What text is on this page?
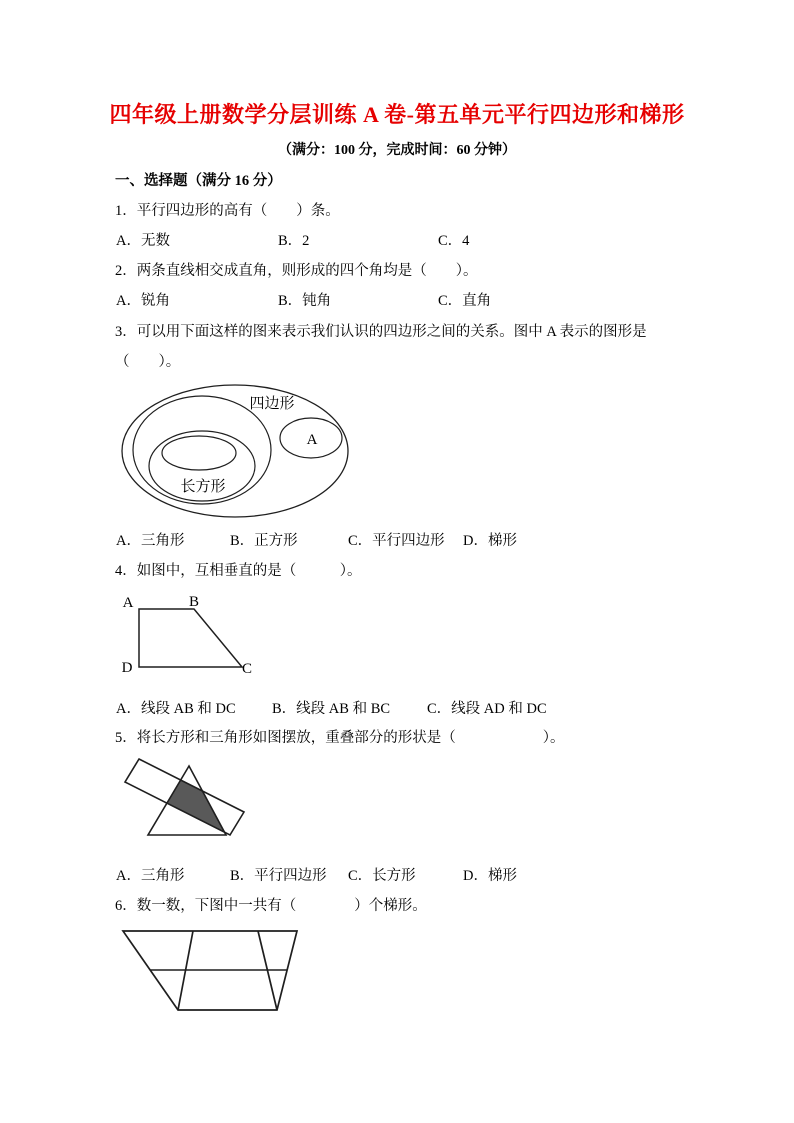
四年级上册数学分层训练 A 卷-第五单元平行四边形和梯形
（满分：100 分，完成时间：60 分钟）
一、选择题（满分 16 分）
1．平行四边形的高有（　　）条。
A．无数	B．2	C．4
2．两条直线相交成直角，则形成的四个角均是（　　）。
A．锐角	B．钝角	C．直角
3．可以用下面这样的图来表示我们认识的四边形之间的关系。图中 A 表示的图形是
（　　）。
四边形
长方形
A
A．三角形	B．正方形	C．平行四边形 D．梯形
4．如图中，互相垂直的是（　　　）。
A	B
D	C
A．线段 AB 和 DC	B．线段 AB 和 BC	C．线段 AD 和 DC
5．将长方形和三角形如图摆放，重叠部分的形状是（　　　　　　）。
A．三角形	B．平行四边形 C．长方形	D．梯形
6．数一数，下图中一共有（　　　　）个梯形。
